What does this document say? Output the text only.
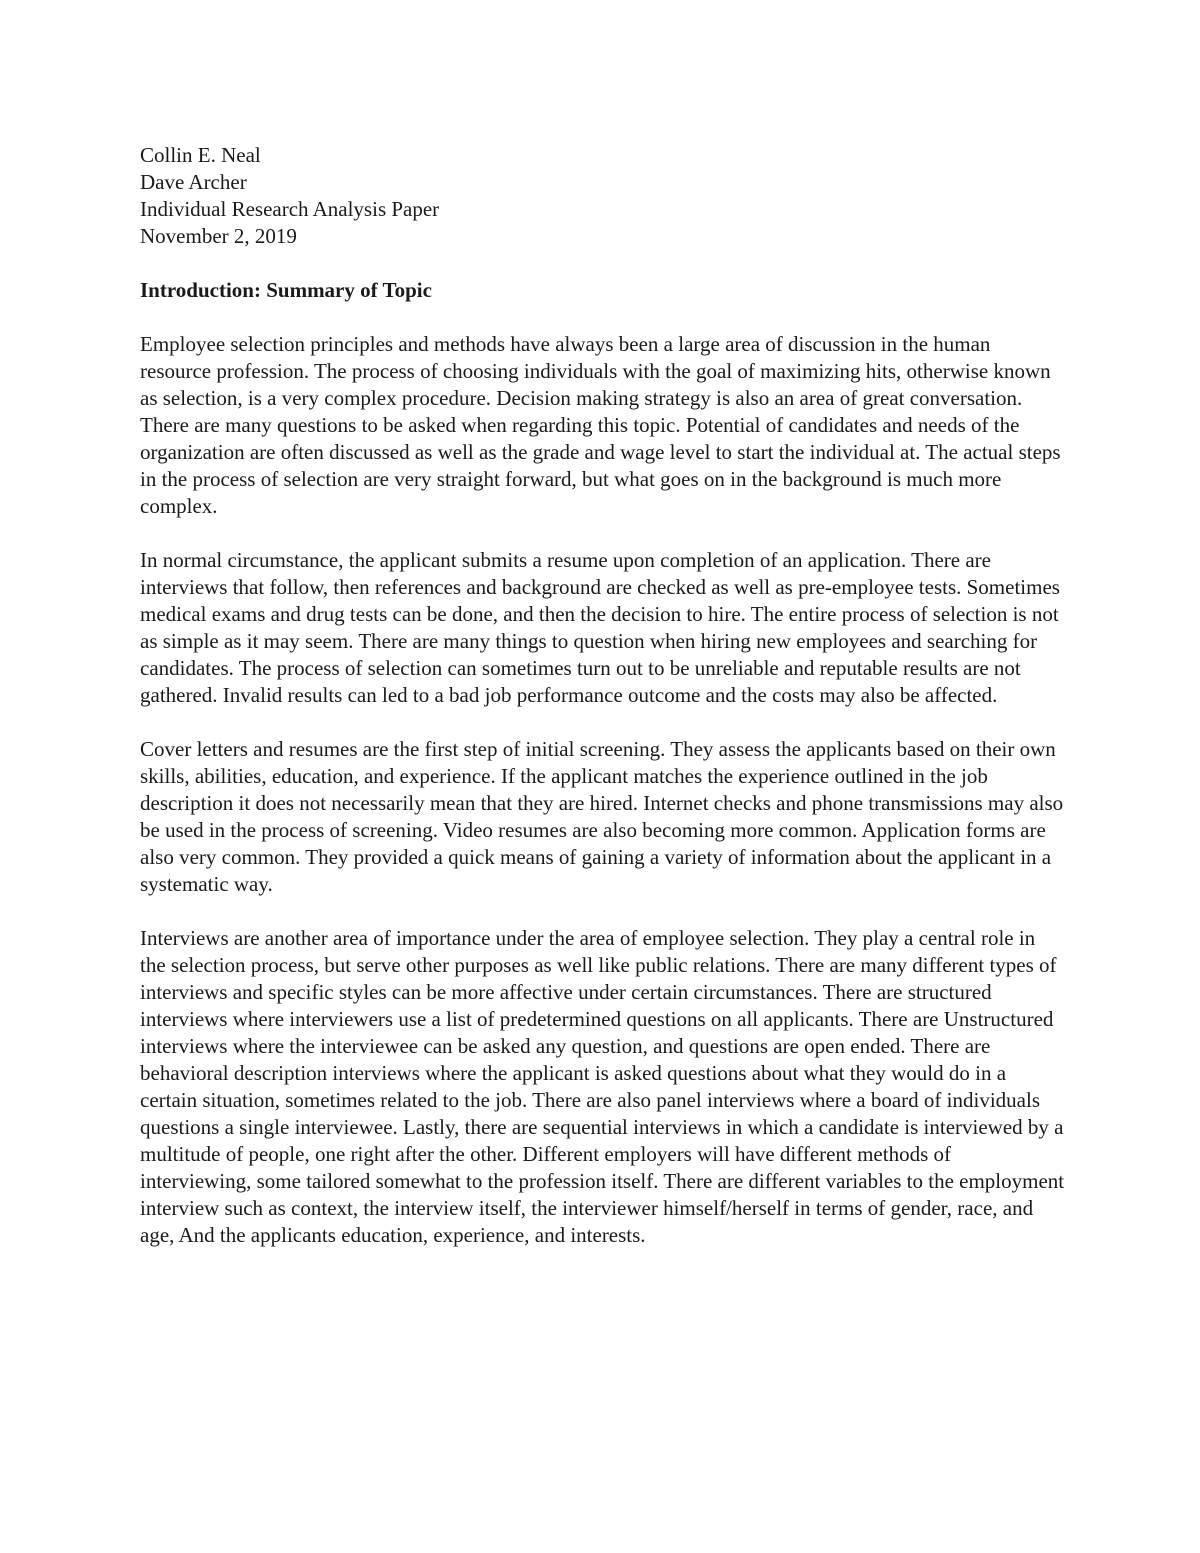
Collin E. Neal
Dave Archer
Individual Research Analysis Paper
November 2, 2019
Introduction: Summary of Topic

Employee selection principles and methods have always been a large area of discussion in the human resource profession. The process of choosing individuals with the goal of maximizing hits, otherwise known as selection, is a very complex procedure. Decision making strategy is also an area of great conversation. There are many questions to be asked when regarding this topic. Potential of candidates and needs of the organization are often discussed as well as the grade and wage level to start the individual at. The actual steps in the process of selection are very straight forward, but what goes on in the background is much more complex.

In normal circumstance, the applicant submits a resume upon completion of an application. There are interviews that follow, then references and background are checked as well as pre-employee tests. Sometimes medical exams and drug tests can be done, and then the decision to hire. The entire process of selection is not as simple as it may seem. There are many things to question when hiring new employees and searching for candidates. The process of selection can sometimes turn out to be unreliable and reputable results are not gathered. Invalid results can led to a bad job performance outcome and the costs may also be affected.

Cover letters and resumes are the first step of initial screening. They assess the applicants based on their own skills, abilities, education, and experience. If the applicant matches the experience outlined in the job description it does not necessarily mean that they are hired. Internet checks and phone transmissions may also be used in the process of screening. Video resumes are also becoming more common. Application forms are also very common. They provided a quick means of gaining a variety of information about the applicant in a systematic way.

Interviews are another area of importance under the area of employee selection. They play a central role in the selection process, but serve other purposes as well like public relations. There are many different types of interviews and specific styles can be more affective under certain circumstances. There are structured interviews where interviewers use a list of predetermined questions on all applicants. There are Unstructured interviews where the interviewee can be asked any question, and questions are open ended. There are behavioral description interviews where the applicant is asked questions about what they would do in a certain situation, sometimes related to the job. There are also panel interviews where a board of individuals questions a single interviewee. Lastly, there are sequential interviews in which a candidate is interviewed by a multitude of people, one right after the other. Different employers will have different methods of interviewing, some tailored somewhat to the profession itself. There are different variables to the employment interview such as context, the interview itself, the interviewer himself/herself in terms of gender, race, and age, And the applicants education, experience, and interests.
